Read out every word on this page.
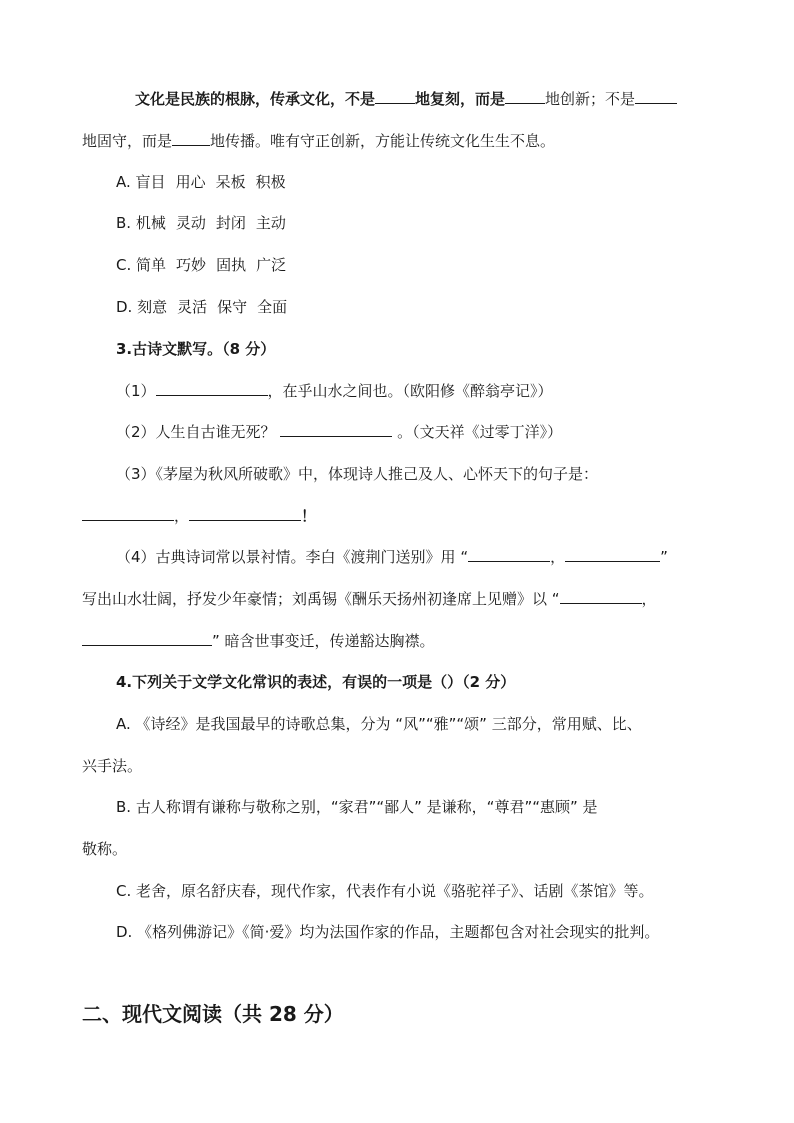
文化是民族的根脉，传承文化，不是	地复刻，而是	地创新；不是
地固守，而是	地传播。唯有守正创新，方能让传统文化生生不息。
A. 盲目 用心 呆板 积极
B. 机械 灵动 封闭 主动
C. 简单 巧妙 固执 广泛
D. 刻意 灵活 保守 全面
3.古诗文默写。（8 分）
（1）	，在乎山水之间也。（欧阳修《醉翁亭记》）
（2）人生自古谁无死？	。（文天祥《过零丁洋》）
（3）《茅屋为秋风所破歌》中，体现诗人推己及人、心怀天下的句子是：
，	！
（4）古典诗词常以景衬情。李白《渡荆门送别》用 “	，	”
写出山水壮阔，抒发少年豪情；刘禹锡《酬乐天扬州初逢席上见赠》以 “	，
” 暗含世事变迁，传递豁达胸襟。
4.下列关于文学文化常识的表述，有误的一项是（）（2 分）
A. 《诗经》是我国最早的诗歌总集，分为 “风”“雅”“颂” 三部分，常用赋、比、
兴手法。
B. 古人称谓有谦称与敬称之别，“家君”“鄙人” 是谦称，“尊君”“惠顾” 是
敬称。
C. 老舍，原名舒庆春，现代作家，代表作有小说《骆驼祥子》、话剧《茶馆》等。
D. 《格列佛游记》《简·爱》均为法国作家的作品，主题都包含对社会现实的批判。
二、现代文阅读（共 28 分）
